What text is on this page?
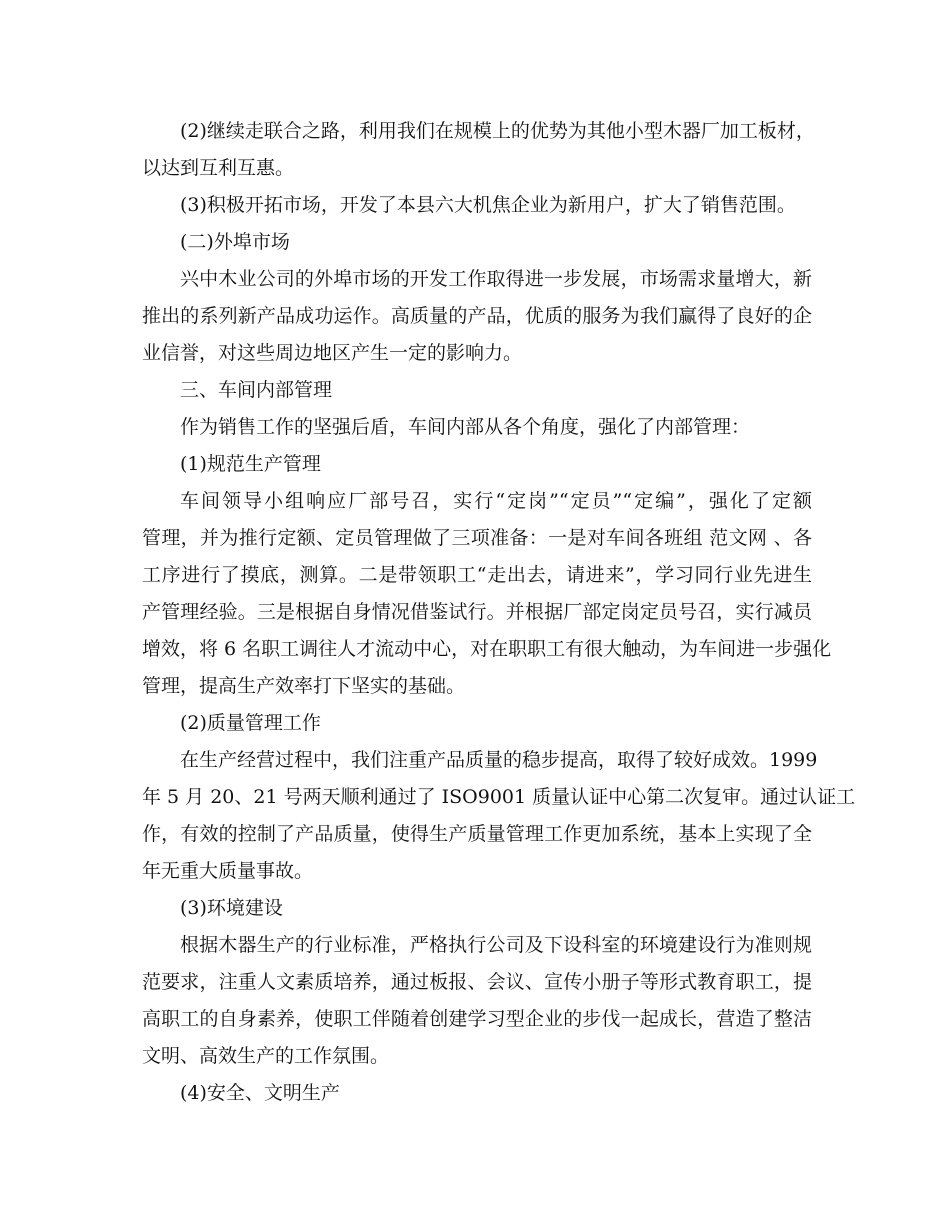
(2)继续走联合之路，利用我们在规模上的优势为其他小型木器厂加工板材，
以达到互利互惠。
(3)积极开拓市场，开发了本县六大机焦企业为新用户，扩大了销售范围。
(二)外埠市场
兴中木业公司的外埠市场的开发工作取得进一步发展，市场需求量增大，新
推出的系列新产品成功运作。高质量的产品，优质的服务为我们赢得了良好的企
业信誉，对这些周边地区产生一定的影响力。
三、车间内部管理
作为销售工作的坚强后盾，车间内部从各个角度，强化了内部管理：
(1)规范生产管理
车间领导小组响应厂部号召，实行“定岗”“定员”“定编”，强化了定额
管理，并为推行定额、定员管理做了三项准备：一是对车间各班组 范文网 、各
工序进行了摸底，测算。二是带领职工“走出去，请进来”，学习同行业先进生
产管理经验。三是根据自身情况借鉴试行。并根据厂部定岗定员号召，实行减员
增效，将 6 名职工调往人才流动中心，对在职职工有很大触动，为车间进一步强化
管理，提高生产效率打下坚实的基础。
(2)质量管理工作
在生产经营过程中，我们注重产品质量的稳步提高，取得了较好成效。1999
年 5 月 20、21 号两天顺利通过了 ISO9001 质量认证中心第二次复审。通过认证工
作，有效的控制了产品质量，使得生产质量管理工作更加系统，基本上实现了全
年无重大质量事故。
(3)环境建设
根据木器生产的行业标准，严格执行公司及下设科室的环境建设行为准则规
范要求，注重人文素质培养，通过板报、会议、宣传小册子等形式教育职工，提
高职工的自身素养，使职工伴随着创建学习型企业的步伐一起成长，营造了整洁
文明、高效生产的工作氛围。
(4)安全、文明生产
